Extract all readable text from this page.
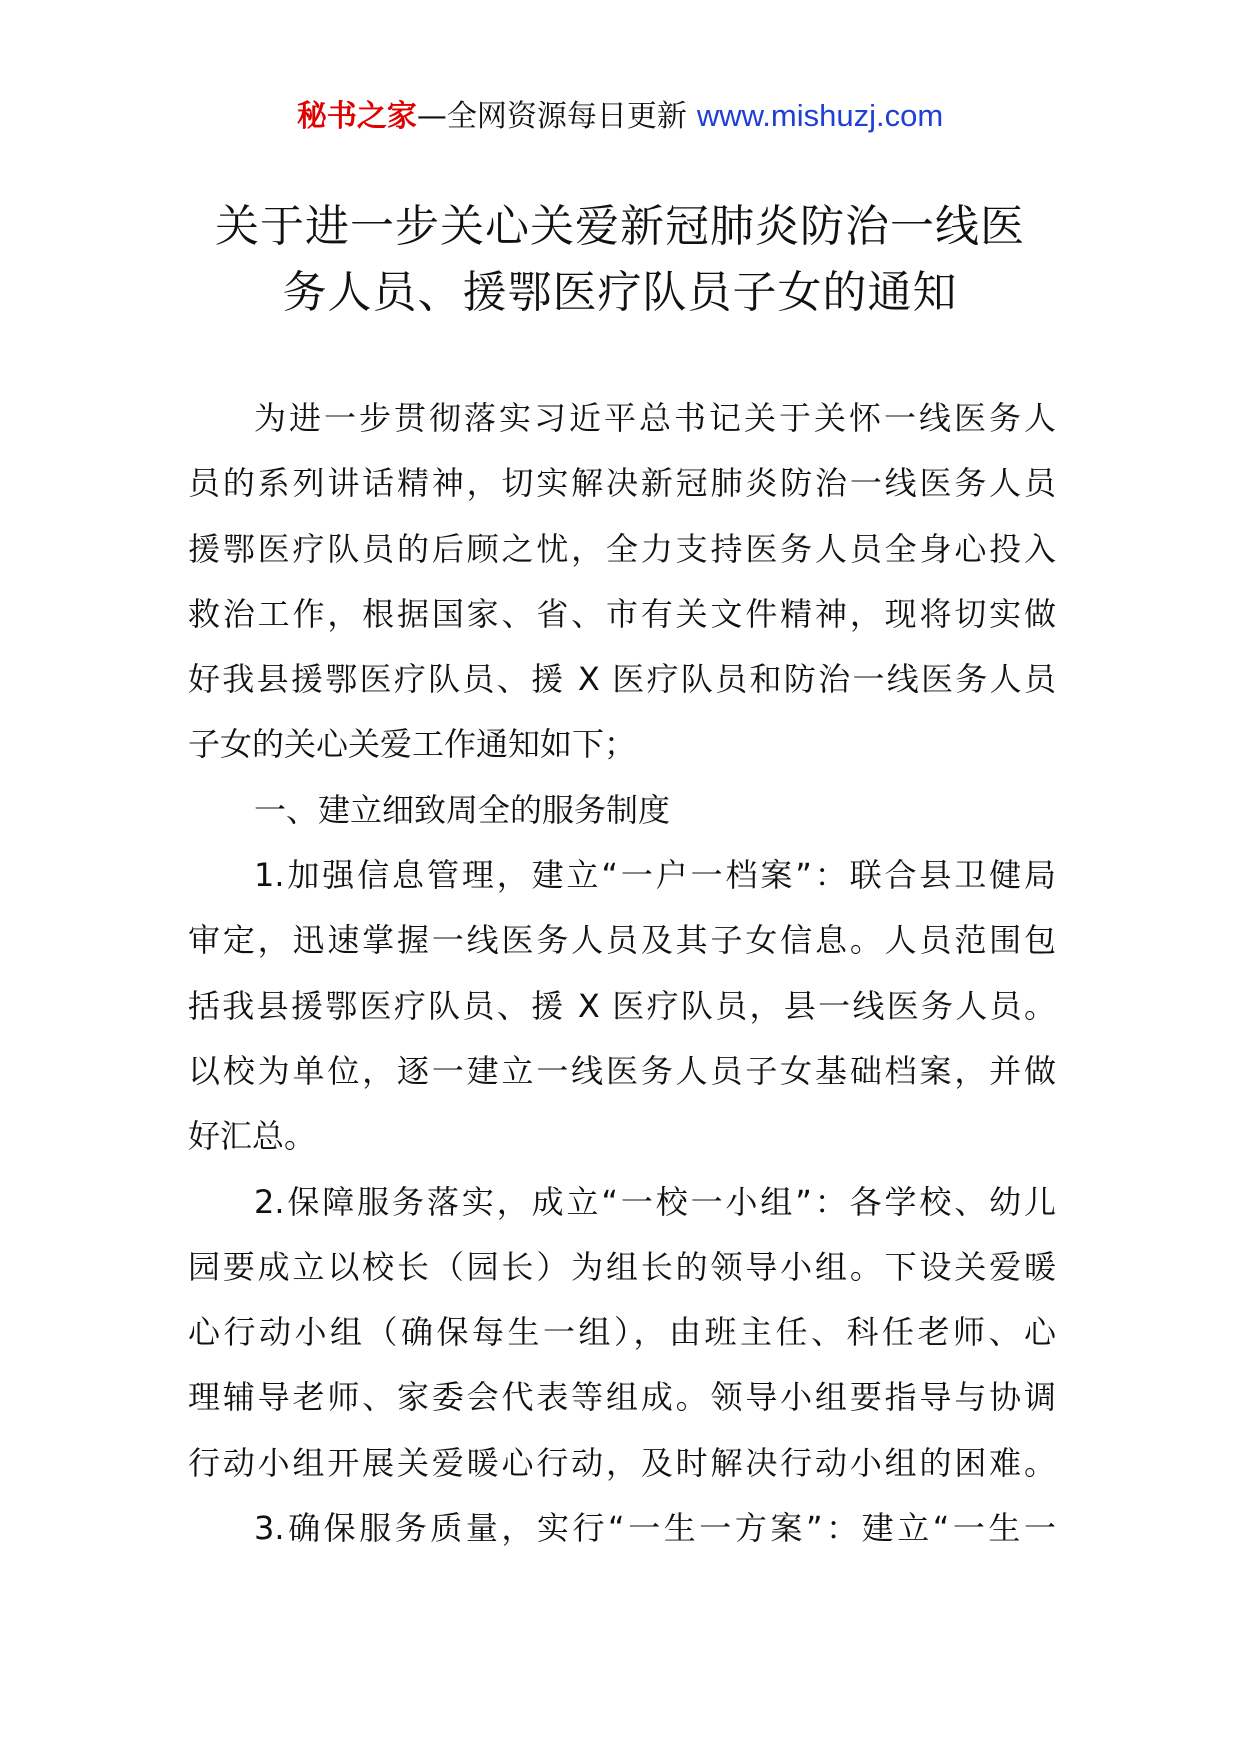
秘书之家—全网资源每日更新 www.mishuzj.com
关于进一步关心关爱新冠肺炎防治一线医
务人员、援鄂医疗队员子女的通知
为进一步贯彻落实习近平总书记关于关怀一线医务人
员的系列讲话精神，切实解决新冠肺炎防治一线医务人员
援鄂医疗队员的后顾之忧，全力支持医务人员全身心投入
救治工作，根据国家、省、市有关文件精神，现将切实做
好我县援鄂医疗队员、援 X 医疗队员和防治一线医务人员
子女的关心关爱工作通知如下；
一、建立细致周全的服务制度
1.加强信息管理，建立“一户一档案”：联合县卫健局
审定，迅速掌握一线医务人员及其子女信息。人员范围包
括我县援鄂医疗队员、援 X 医疗队员，县一线医务人员。
以校为单位，逐一建立一线医务人员子女基础档案，并做
好汇总。
2.保障服务落实，成立“一校一小组”：各学校、幼儿
园要成立以校长（园长）为组长的领导小组。下设关爱暖
心行动小组（确保每生一组），由班主任、科任老师、心
理辅导老师、家委会代表等组成。领导小组要指导与协调
行动小组开展关爱暖心行动，及时解决行动小组的困难。
3.确保服务质量，实行“一生一方案”：建立“一生一
